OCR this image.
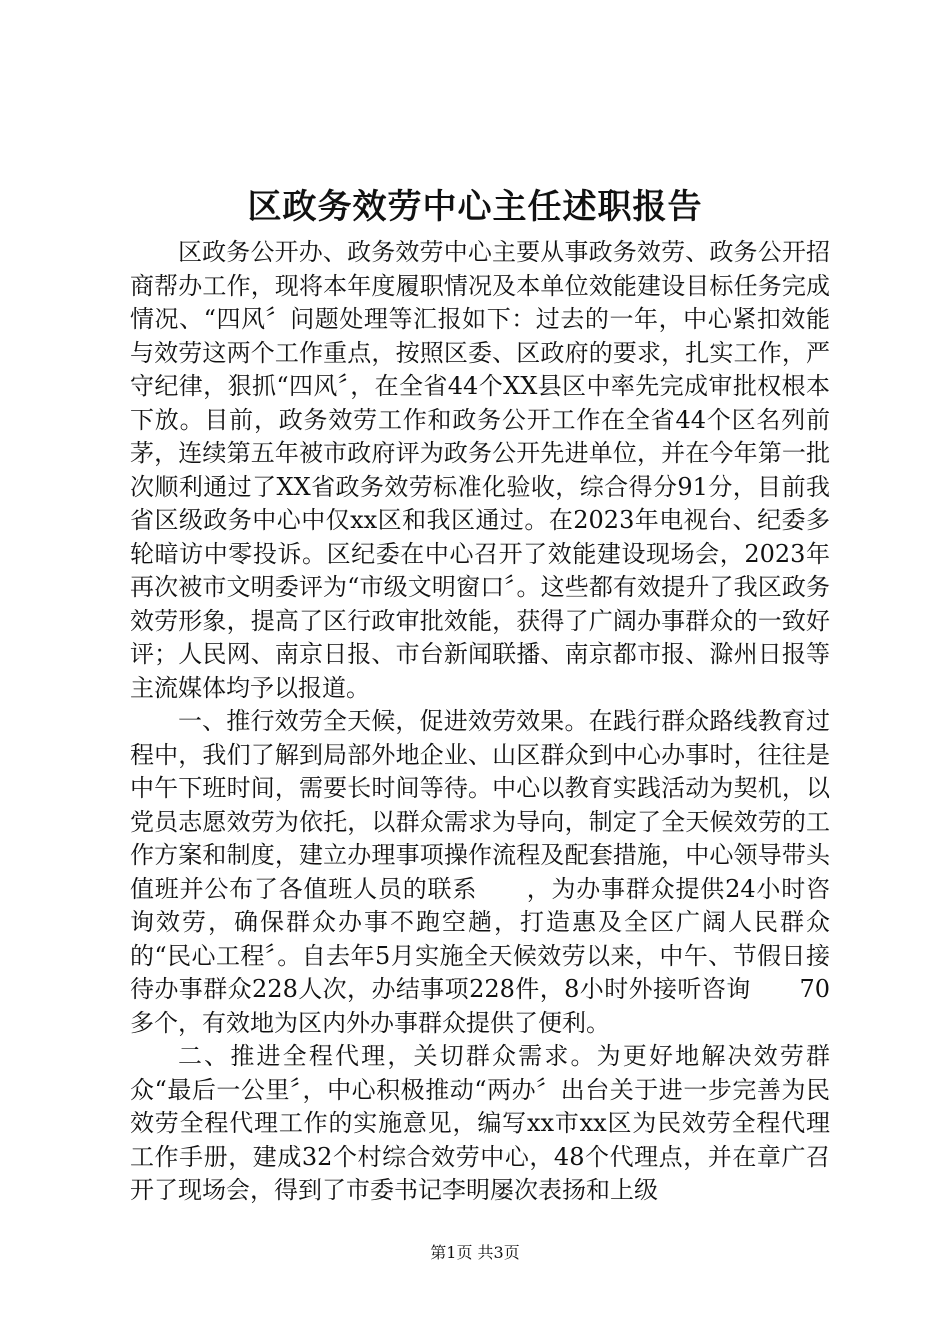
区政务效劳中心主任述职报告

区政务公开办、政务效劳中心主要从事政务效劳、政务公开招商帮办工作，现将本年度履职情况及本单位效能建设目标任务完成情况、“四风〞问题处理等汇报如下：过去的一年，中心紧扣效能与效劳这两个工作重点，按照区委、区政府的要求，扎实工作，严守纪律，狠抓“四风〞，在全省44个XX县区中率先完成审批权根本下放。目前，政务效劳工作和政务公开工作在全省44个区名列前茅，连续第五年被市政府评为政务公开先进单位，并在今年第一批次顺利通过了XX省政务效劳标准化验收，综合得分91分，目前我省区级政务中心中仅xx区和我区通过。在2023年电视台、纪委多轮暗访中零投诉。区纪委在中心召开了效能建设现场会，2023年再次被市文明委评为“市级文明窗口〞。这些都有效提升了我区政务效劳形象，提高了区行政审批效能，获得了广阔办事群众的一致好评；人民网、南京日报、市台新闻联播、南京都市报、滁州日报等主流媒体均予以报道。

一、推行效劳全天候，促进效劳效果。在践行群众路线教育过程中，我们了解到局部外地企业、山区群众到中心办事时，往往是中午下班时间，需要长时间等待。中心以教育实践活动为契机，以党员志愿效劳为依托，以群众需求为导向，制定了全天候效劳的工作方案和制度，建立办理事项操作流程及配套措施，中心领导带头值班并公布了各值班人员的联系　　，为办事群众提供24小时咨询效劳，确保群众办事不跑空趟，打造惠及全区广阔人民群众的“民心工程〞。自去年5月实施全天候效劳以来，中午、节假日接待办事群众228人次，办结事项228件，8小时外接听咨询　　70多个，有效地为区内外办事群众提供了便利。

二、推进全程代理，关切群众需求。为更好地解决效劳群众“最后一公里〞，中心积极推动“两办〞出台关于进一步完善为民效劳全程代理工作的实施意见，编写xx市xx区为民效劳全程代理工作手册，建成32个村综合效劳中心，48个代理点，并在章广召开了现场会，得到了市委书记李明屡次表扬和上级

第1页 共3页
